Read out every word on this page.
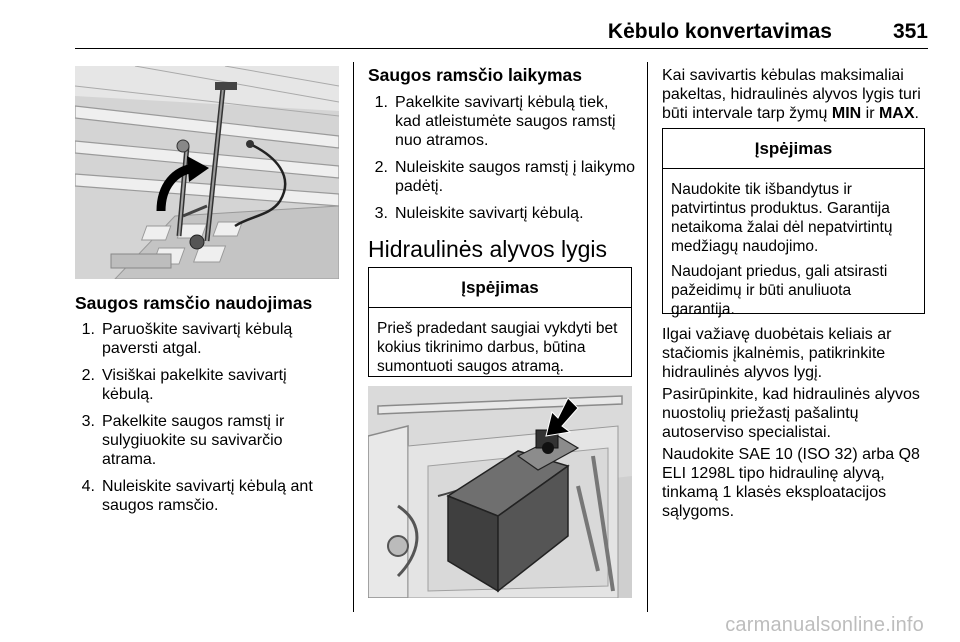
Kėbulo konvertavimas	351
Saugos ramsčio naudojimas
1. Paruoškite savivartį kėbulą paversti atgal.
2. Visiškai pakelkite savivartį kėbulą.
3. Pakelkite saugos ramstį ir sulygiuokite su savivarčio atrama.
4. Nuleiskite savivartį kėbulą ant saugos ramsčio.
Saugos ramsčio laikymas
1. Pakelkite savivartį kėbulą tiek, kad atleistumėte saugos ramstį nuo atramos.
2. Nuleiskite saugos ramstį į laikymo padėtį.
3. Nuleiskite savivartį kėbulą.
Hidraulinės alyvos lygis
Įspėjimas

Prieš pradedant saugiai vykdyti bet kokius tikrinimo darbus, būtina sumontuoti saugos atramą.

Kai savivartis kėbulas maksimaliai pakeltas, hidraulinės alyvos lygis turi būti intervale tarp žymų MIN ir MAX.

Įspėjimas

Naudokite tik išbandytus ir patvirtintus produktus. Garantija netaikoma žalai dėl nepatvirtintų medžiagų naudojimo.

Naudojant priedus, gali atsirasti pažeidimų ir būti anuliuota garantija.

Ilgai važiavę duobėtais keliais ar stačiomis įkalnėmis, patikrinkite hidraulinės alyvos lygį.

Pasirūpinkite, kad hidraulinės alyvos nuostolių priežastį pašalintų autoserviso specialistai.

Naudokite SAE 10 (ISO 32) arba Q8 ELI 1298L tipo hidraulinę alyvą, tinkamą 1 klasės eksploatacijos sąlygoms.

carmanualsonline.info
